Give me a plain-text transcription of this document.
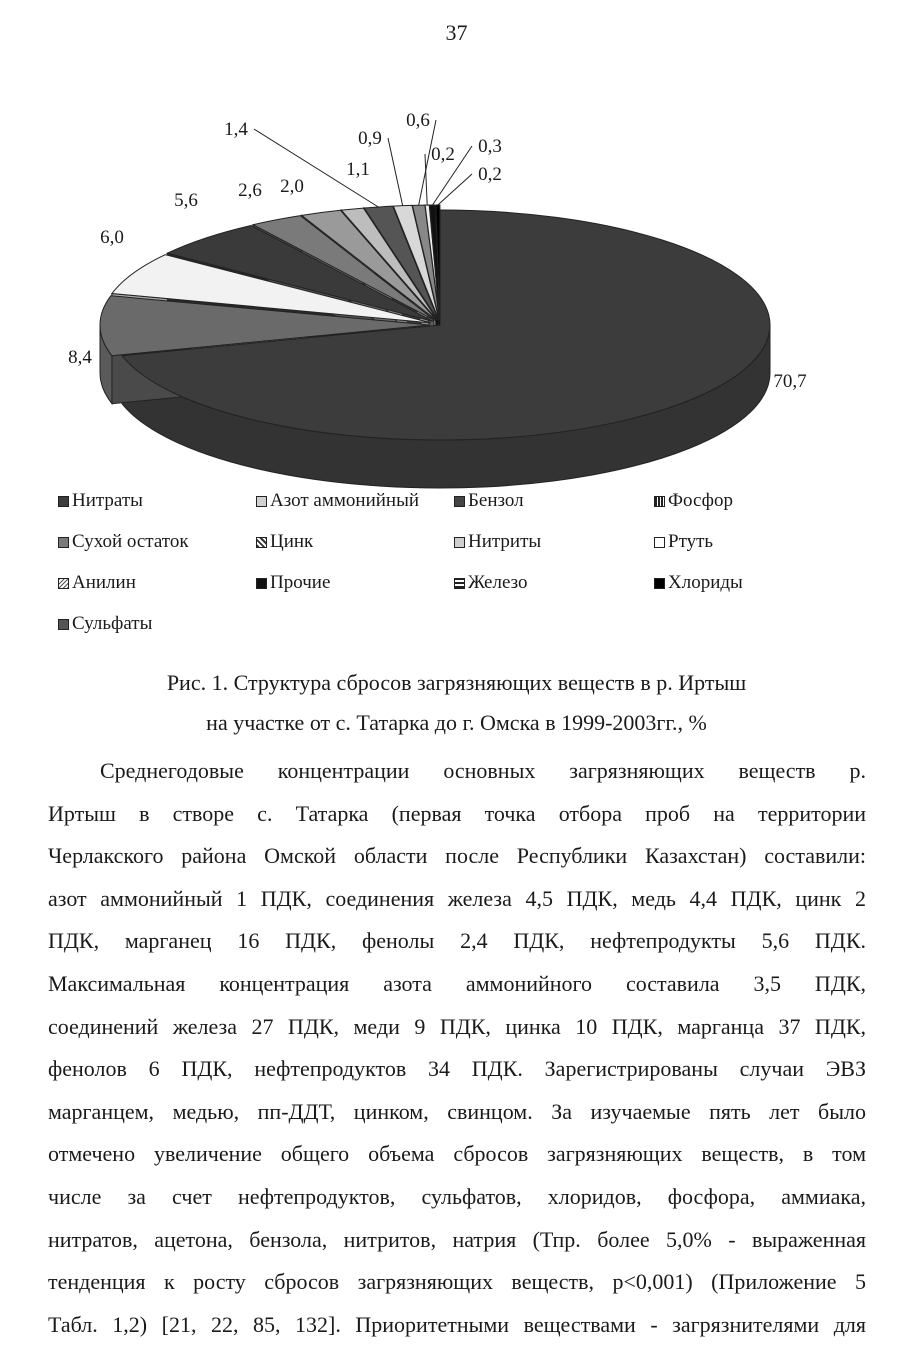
37
70,7
8,4
6,0
5,6 2,6 2,0
1,1
1,4	0,9
0,6
0,2 0,3
0,2
Нитраты	Азот аммонийный	Бензол	Фосфор
Сухой остаток	Цинк	Нитриты	Ртуть
Анилин	Прочие	Железо	Хлориды
Сульфаты
Рис. 1. Структура сбросов загрязняющих веществ в р. Иртыш
на участке от с. Татарка до г. Омска в 1999-2003гг., %
Среднегодовые концентрации основных загрязняющих веществ р.
Иртыш в створе с. Татарка (первая точка отбора проб на территории
Черлакского района Омской области после Республики Казахстан) составили:
азот аммонийный 1 ПДК, соединения железа 4,5 ПДК, медь 4,4 ПДК, цинк 2
ПДК, марганец 16 ПДК, фенолы 2,4 ПДК, нефтепродукты 5,6 ПДК.
Максимальная концентрация азота аммонийного составила 3,5 ПДК,
соединений железа 27 ПДК, меди 9 ПДК, цинка 10 ПДК, марганца 37 ПДК,
фенолов 6 ПДК, нефтепродуктов 34 ПДК. Зарегистрированы случаи ЭВЗ
марганцем, медью, пп-ДДТ, цинком, свинцом. За изучаемые пять лет было
отмечено увеличение общего объема сбросов загрязняющих веществ, в том
числе за счет нефтепродуктов, сульфатов, хлоридов, фосфора, аммиака,
нитратов, ацетона, бензола, нитритов, натрия (Тпр. более 5,0% - выраженная
тенденция к росту сбросов загрязняющих веществ, р<0,001) (Приложение 5
Табл. 1,2) [21, 22, 85, 132]. Приоритетными веществами - загрязнителями для
